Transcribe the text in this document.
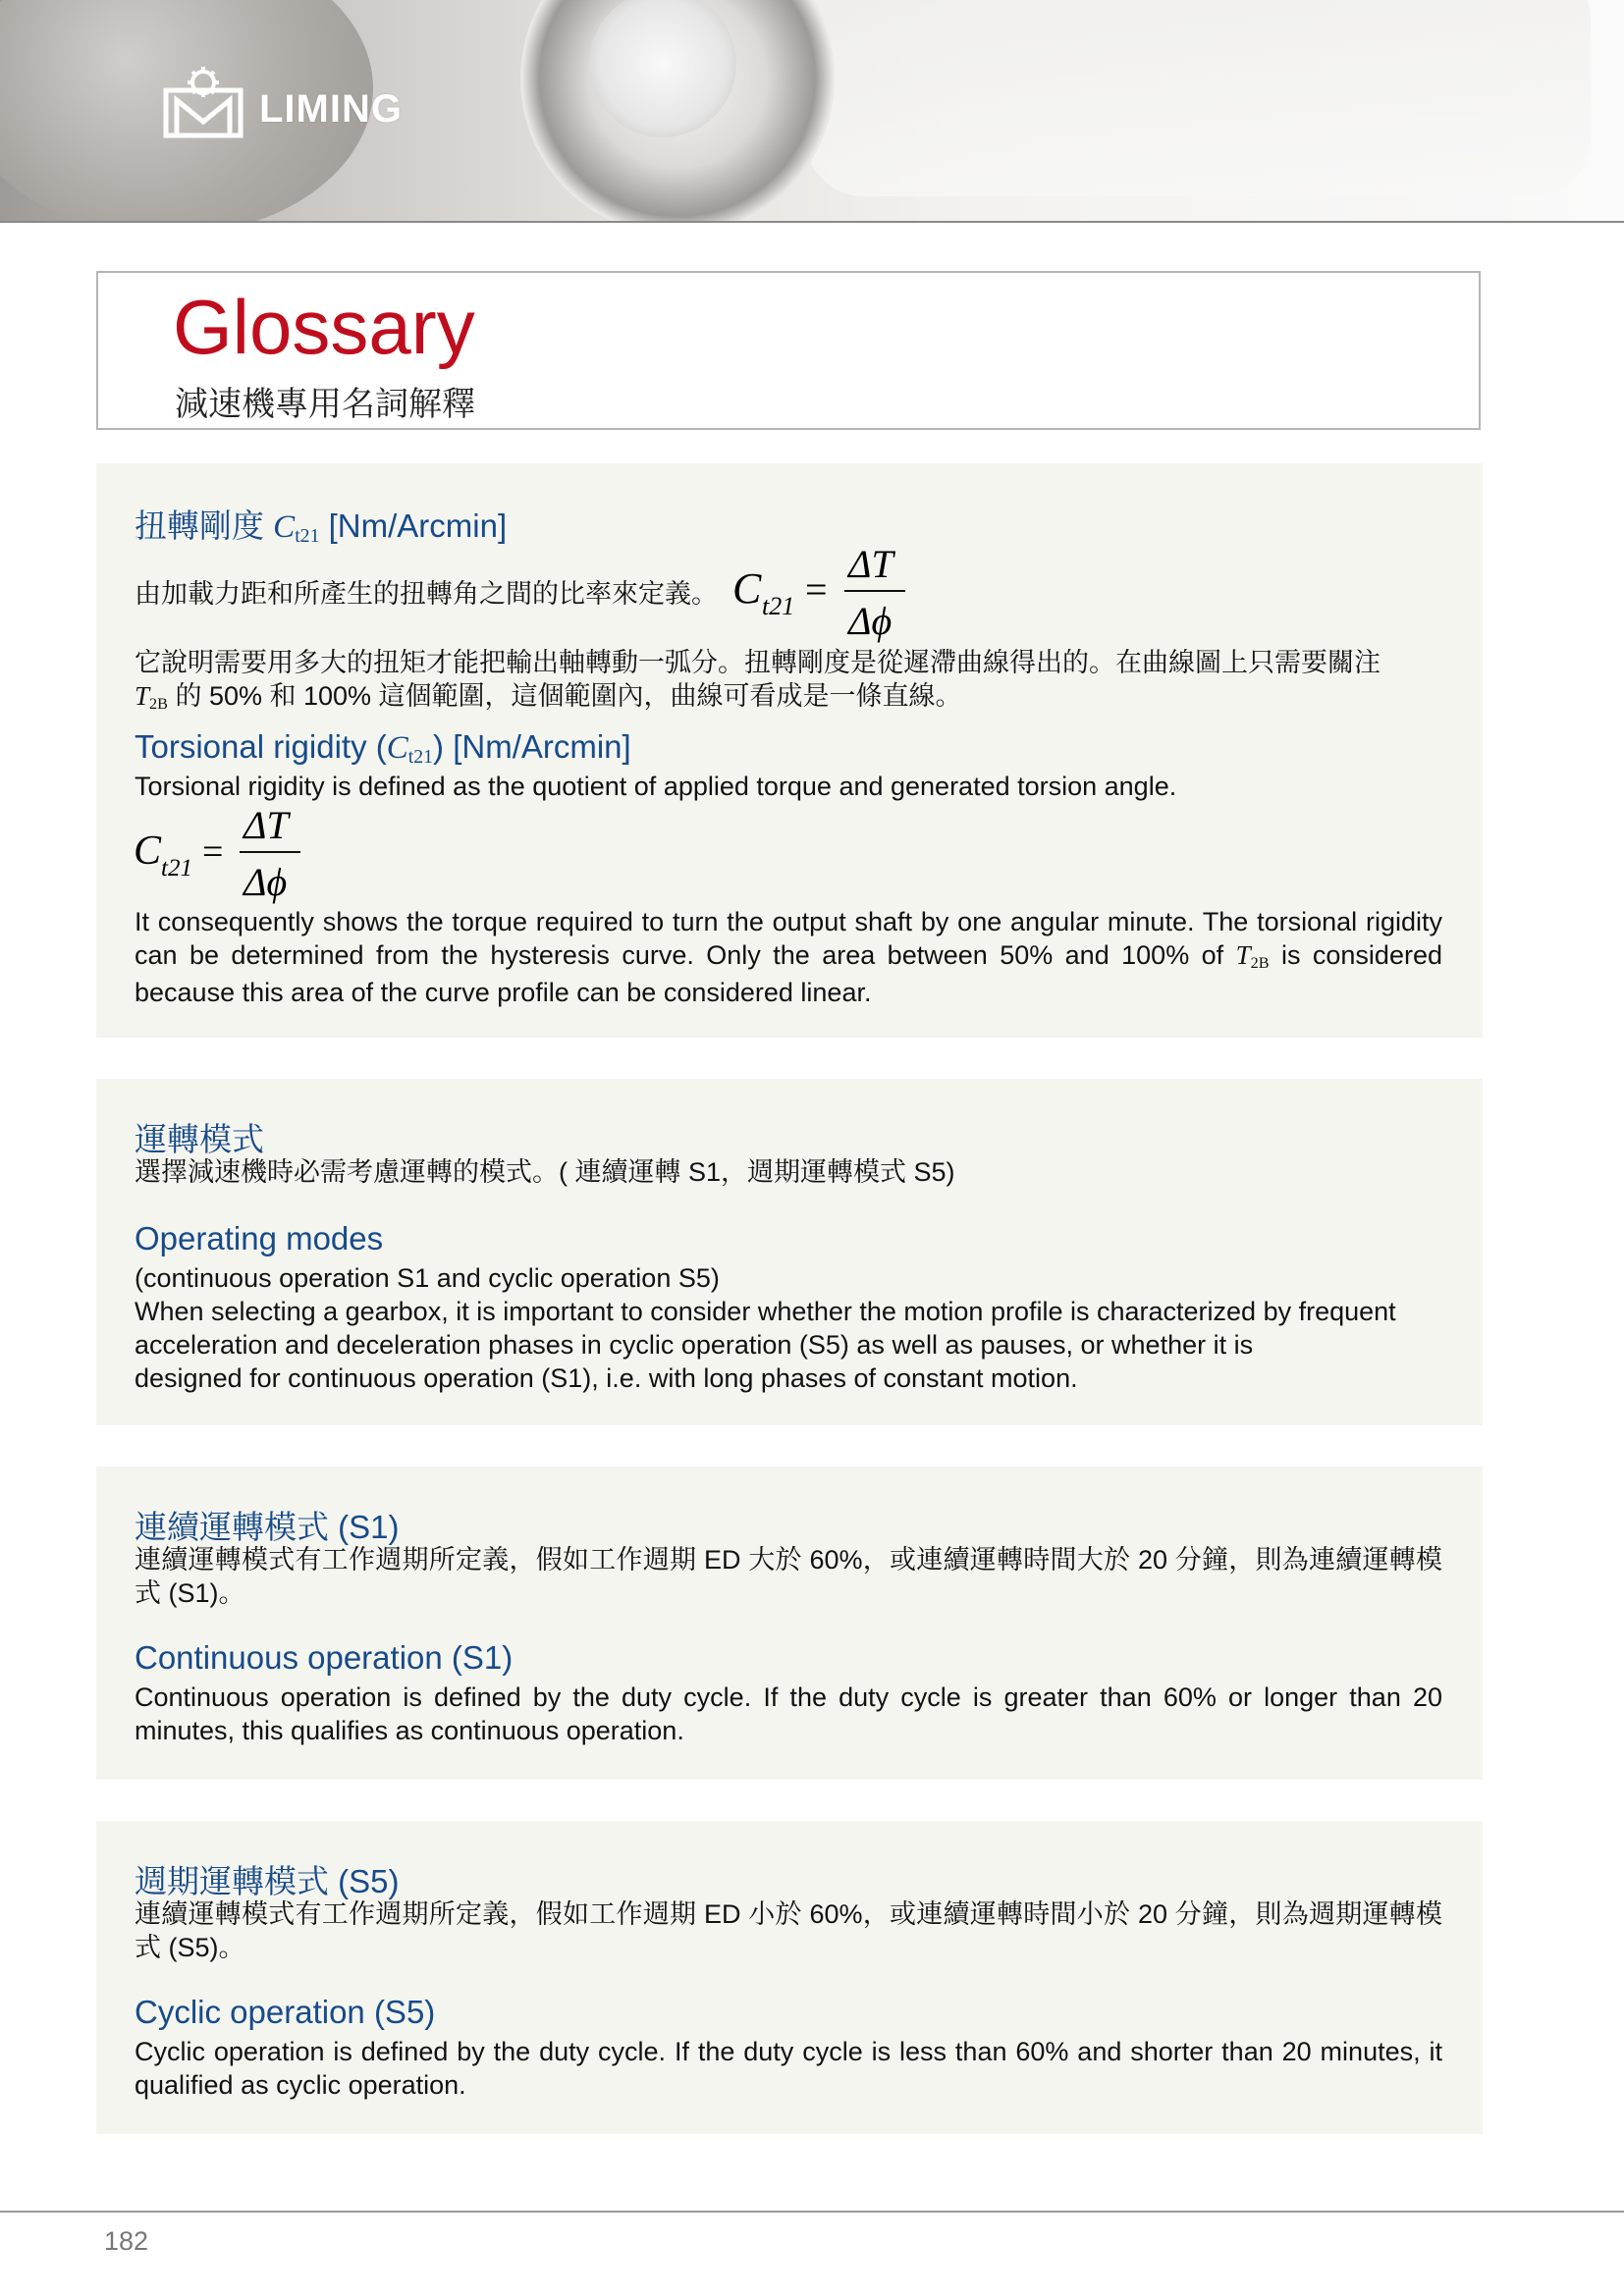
LIMING
Glossary
減速機專用名詞解釋
扭轉剛度 Ct21 [Nm/Arcmin]
由加載力距和所產生的扭轉角之間的比率來定義。 C t21 =
ΔT
Δϕ
它說明需要用多大的扭矩才能把輸出軸轉動一弧分。扭轉剛度是從遲滯曲線得出的。在曲線圖上只需要關注
T2B 的 50% 和 100% 這個範圍，這個範圍內，曲線可看成是一條直線。
Torsional rigidity (Ct21) [Nm/Arcmin]
Torsional rigidity is defined as the quotient of applied torque and generated torsion angle.
C t21 =
ΔT
Δϕ
It consequently shows the torque required to turn the output shaft by one angular minute. The torsional rigidity can be determined from the hysteresis curve. Only the area between 50% and 100% of T2B is considered because this area of the curve profile can be considered linear.
運轉模式
選擇減速機時必需考慮運轉的模式。( 連續運轉 S1，週期運轉模式 S5)
Operating modes
(continuous operation S1 and cyclic operation S5)
When selecting a gearbox, it is important to consider whether the motion profile is characterized by frequent
acceleration and deceleration phases in cyclic operation (S5) as well as pauses, or whether it is
designed for continuous operation (S1), i.e. with long phases of constant motion.
連續運轉模式 (S1)
連續運轉模式有工作週期所定義，假如工作週期 ED 大於 60%，或連續運轉時間大於 20 分鐘，則為連續運轉模式 (S1)。
Continuous operation (S1)
Continuous operation is defined by the duty cycle. If the duty cycle is greater than 60% or longer than 20 minutes, this qualifies as continuous operation.
週期運轉模式 (S5)
連續運轉模式有工作週期所定義，假如工作週期 ED 小於 60%，或連續運轉時間小於 20 分鐘，則為週期運轉模式 (S5)。
Cyclic operation (S5)
Cyclic operation is defined by the duty cycle. If the duty cycle is less than 60% and shorter than 20 minutes, it qualified as cyclic operation.
182
